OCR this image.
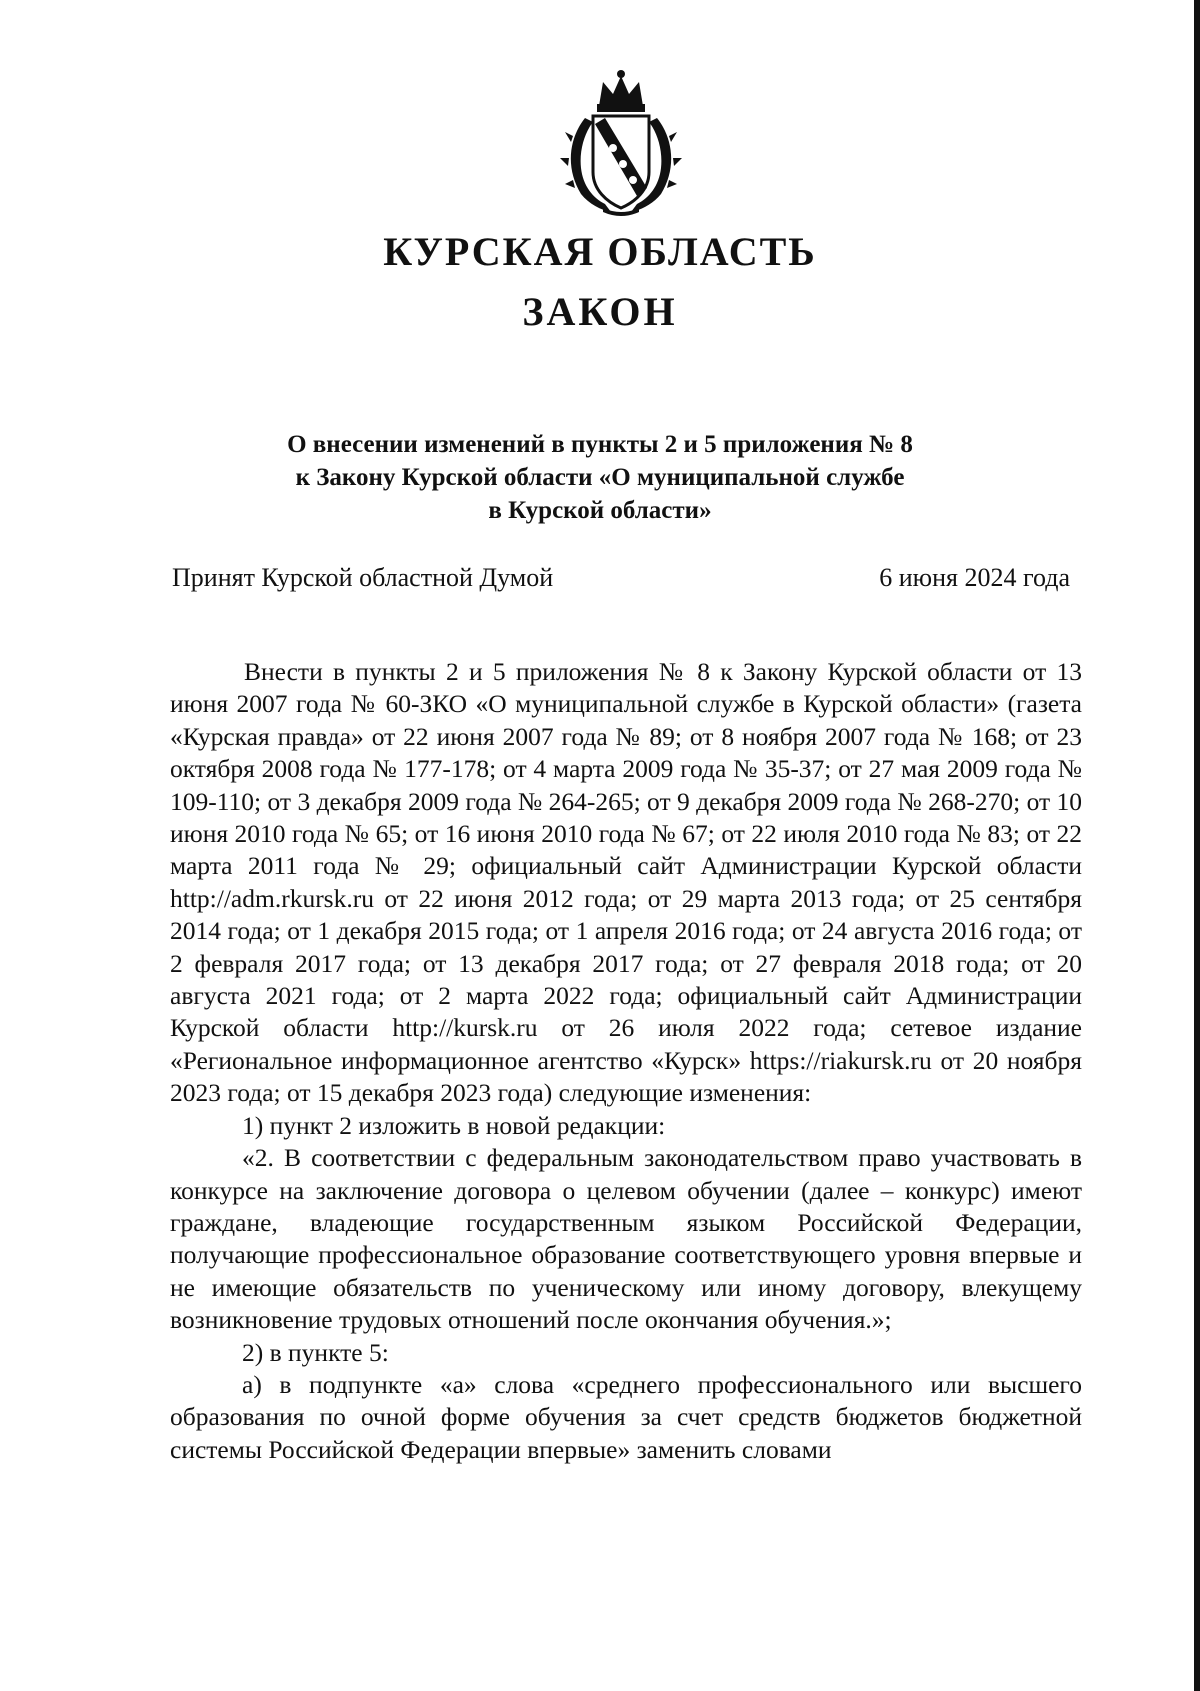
КУРСКАЯ ОБЛАСТЬ
ЗАКОН
О внесении изменений в пункты 2 и 5 приложения № 8
к Закону Курской области «О муниципальной службе
в Курской области»
Принят Курской областной Думой	6 июня 2024 года

Внести в пункты 2 и 5 приложения № 8 к Закону Курской области от 13 июня 2007 года № 60-ЗКО «О муниципальной службе в Курской области» (газета «Курская правда» от 22 июня 2007 года № 89; от 8 ноября 2007 года № 168; от 23 октября 2008 года № 177-178; от 4 марта 2009 года № 35-37; от 27 мая 2009 года № 109-110; от 3 декабря 2009 года № 264-265; от 9 декабря 2009 года № 268-270; от 10 июня 2010 года № 65; от 16 июня 2010 года № 67; от 22 июля 2010 года № 83; от 22 марта 2011 года № 29; официальный сайт Администрации Курской области http://adm.rkursk.ru от 22 июня 2012 года; от 29 марта 2013 года; от 25 сентября 2014 года; от 1 декабря 2015 года; от 1 апреля 2016 года; от 24 августа 2016 года; от 2 февраля 2017 года; от 13 декабря 2017 года; от 27 февраля 2018 года; от 20 августа 2021 года; от 2 марта 2022 года; официальный сайт Администрации Курской области http://kursk.ru от 26 июля 2022 года; сетевое издание «Региональное информационное агентство «Курск» https://riakursk.ru от 20 ноября 2023 года; от 15 декабря 2023 года) следующие изменения:

1) пункт 2 изложить в новой редакции:

«2. В соответствии с федеральным законодательством право участвовать в конкурсе на заключение договора о целевом обучении (далее – конкурс) имеют граждане, владеющие государственным языком Российской Федерации, получающие профессиональное образование соответствующего уровня впервые и не имеющие обязательств по ученическому или иному договору, влекущему возникновение трудовых отношений после окончания обучения.»;

2) в пункте 5:

а) в подпункте «а» слова «среднего профессионального или высшего образования по очной форме обучения за счет средств бюджетов бюджетной системы Российской Федерации впервые» заменить словами
